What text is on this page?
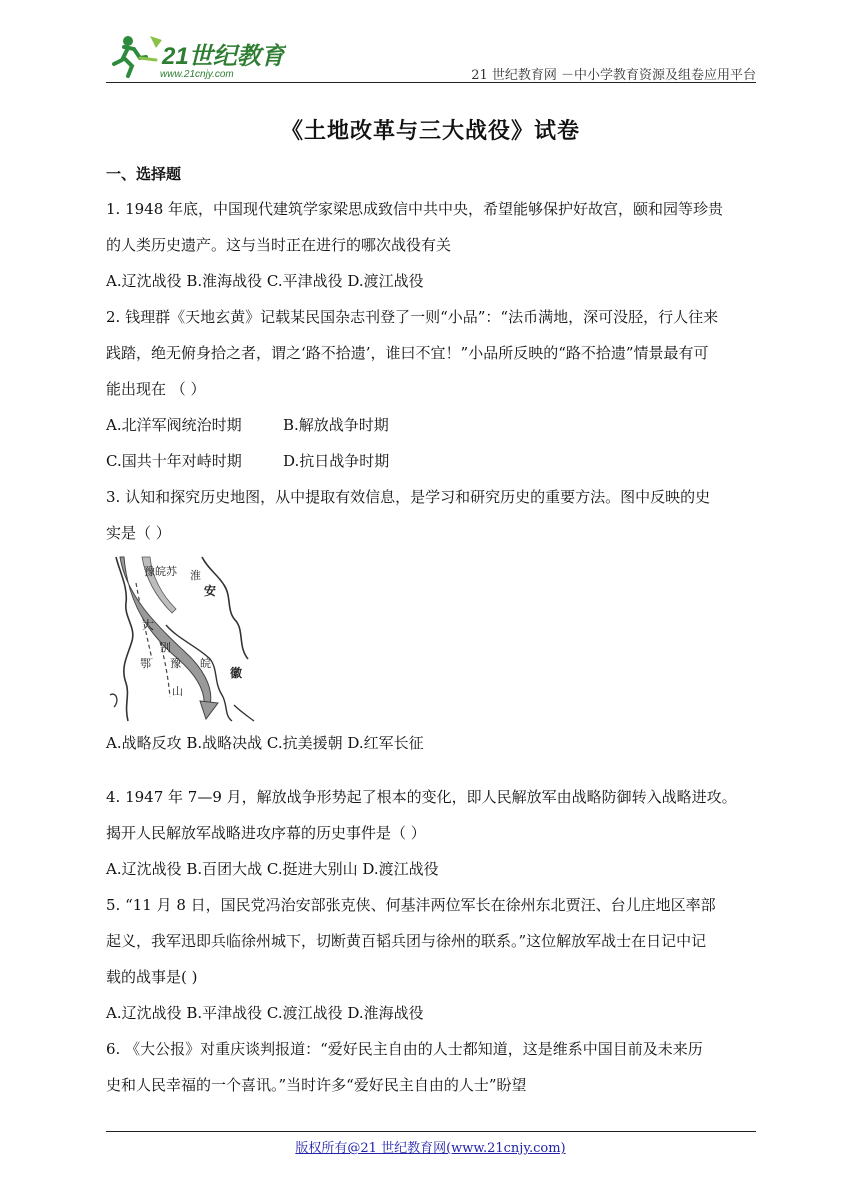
21世纪教育
www.21cnjy.com	21 世纪教育网 －中小学教育资源及组卷应用平台
《土地改革与三大战役》试卷
一、选择题
1. 1948 年底，中国现代建筑学家梁思成致信中共中央，希望能够保护好故宫，颐和园等珍贵
的人类历史遗产。这与当时正在进行的哪次战役有关
A.辽沈战役 B.淮海战役 C.平津战役 D.渡江战役
2. 钱理群《天地玄黄》记载某民国杂志刊登了一则“小品”：“法币满地，深可没胫，行人往来
践踏，绝无俯身拾之者，谓之‘路不拾遗’，谁曰不宜！”小品所反映的“路不拾遗”情景最有可
能出现在 （ ）
A.北洋军阀统治时期	B.解放战争时期
C.国共十年对峙时期	D.抗日战争时期
3. 认知和探究历史地图，从中提取有效信息，是学习和研究历史的重要方法。图中反映的史
实是（ ）
豫皖苏 淮
安
大
别
豫 皖
山
徽
鄂
A.战略反攻 B.战略决战 C.抗美援朝 D.红军长征
4. 1947 年 7—9 月，解放战争形势起了根本的变化，即人民解放军由战略防御转入战略进攻。
揭开人民解放军战略进攻序幕的历史事件是（ ）
A.辽沈战役 B.百团大战 C.挺进大别山 D.渡江战役
5. “11 月 8 日，国民党冯治安部张克侠、何基沣两位军长在徐州东北贾汪、台儿庄地区率部
起义，我军迅即兵临徐州城下，切断黄百韬兵团与徐州的联系。”这位解放军战士在日记中记
载的战事是( )
A.辽沈战役 B.平津战役 C.渡江战役 D.淮海战役
6. 《大公报》对重庆谈判报道：“爱好民主自由的人士都知道，这是维系中国目前及未来历
史和人民幸福的一个喜讯。”当时许多“爱好民主自由的人士”盼望
版权所有@21 世纪教育网(www.21cnjy.com)
